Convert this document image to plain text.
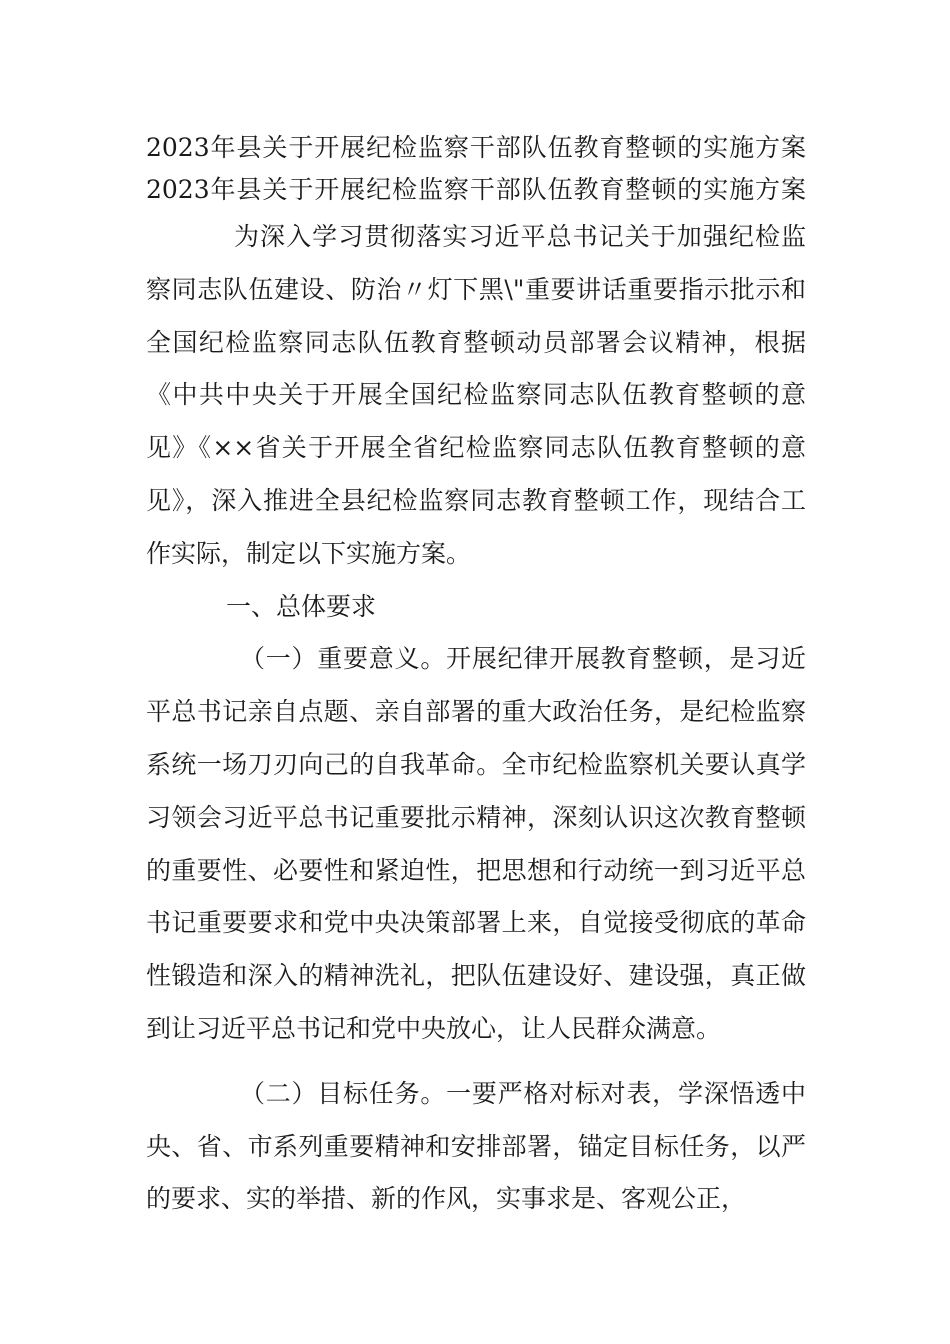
2023年县关于开展纪检监察干部队伍教育整顿的实施方案
2023年县关于开展纪检监察干部队伍教育整顿的实施方案

为深入学习贯彻落实习近平总书记关于加强纪检监察同志队伍建设、防治〃灯下黑\"重要讲话重要指示批示和全国纪检监察同志队伍教育整顿动员部署会议精神，根据《中共中央关于开展全国纪检监察同志队伍教育整顿的意见》《××省关于开展全省纪检监察同志队伍教育整顿的意见》，深入推进全县纪检监察同志教育整顿工作，现结合工作实际，制定以下实施方案。

一、总体要求

（一）重要意义。开展纪律开展教育整顿，是习近平总书记亲自点题、亲自部署的重大政治任务，是纪检监察系统一场刀刃向己的自我革命。全市纪检监察机关要认真学习领会习近平总书记重要批示精神，深刻认识这次教育整顿的重要性、必要性和紧迫性，把思想和行动统一到习近平总书记重要要求和党中央决策部署上来，自觉接受彻底的革命性锻造和深入的精神洗礼，把队伍建设好、建设强，真正做到让习近平总书记和党中央放心，让人民群众满意。

（二）目标任务。一要严格对标对表，学深悟透中央、省、市系列重要精神和安排部署，锚定目标任务，以严的要求、实的举措、新的作风，实事求是、客观公正，
